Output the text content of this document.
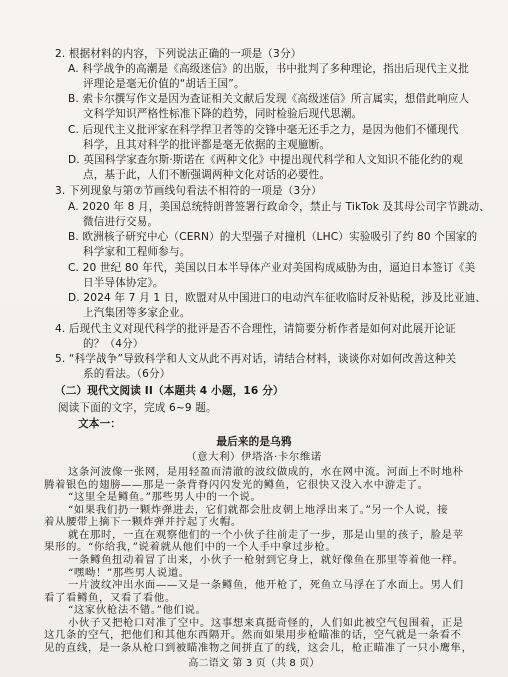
2. 根据材料的内容，下列说法正确的一项是（3分）
A. 科学战争的高潮是《高级迷信》的出版，书中批判了多种理论，指出后现代主义批
评理论是毫无价值的“胡话王国”。
B. 索卡尔撰写作文是因为查证相关文献后发现《高级迷信》所言属实，想借此响应人
文科学知识严格性标准下降的趋势，同时检验后现代思潮。
C. 后现代主义批评家在科学捍卫者等的交锋中毫无还手之力，是因为他们不懂现代
科学，且其对科学的批评都是毫无依据的主观臆断。
D. 英国科学家查尔斯·斯诺在《两种文化》中提出现代科学和人文知识不能化约的观
点，基于此，人们不断强调两种文化对话的必要性。
3. 下列现象与第⑦节画线句看法不相符的一项是（3分）
A. 2020 年 8 月，美国总统特朗普签署行政命令，禁止与 TikTok 及其母公司字节跳动、
微信进行交易。
B. 欧洲核子研究中心（CERN）的大型强子对撞机（LHC）实验吸引了约 80 个国家的
科学家和工程师参与。
C. 20 世纪 80 年代，美国以日本半导体产业对美国构成威胁为由，逼迫日本签订《美
日半导体协定》。
D. 2024 年 7 月 1 日，欧盟对从中国进口的电动汽车征收临时反补贴税，涉及比亚迪、
上汽集团等多家企业。
4. 后现代主义对现代科学的批评是否不合理性，请简要分析作者是如何对此展开论证
的？（4分）
5. “科学战争”导致科学和人文从此不再对话，请结合材料，谈谈你对如何改善这种关
系的看法。（6分）
（二）现代文阅读 II（本题共 4 小题，16 分）
阅读下面的文字，完成 6~9 题。
文本一：
最后来的是乌鸦
（意大利）伊塔洛·卡尔维诺
这条河波像一张网，是用轻盈而清澈的波纹做成的，水在网中流。河面上不时地朴
腾着银色的翅膀——那是一条背脊闪闪发光的鳟鱼，它很快又没入水中游走了。
“这里全是鳟鱼。”那些男人中的一个说。
“如果我们扔一颗炸弹进去，它们就都会肚皮朝上地浮出来了。”另一个人说，接
着从腰带上摘下一颗炸弹并拧起了火帽。
就在那时，一直在观察他们的一个小伙子往前走了一步，那是山里的孩子，脸是苹
果形的。“你给我，”说着就从他们中的一个人手中拿过步枪。
一条鳟鱼扭动着冒了出来，小伙子一枪射到它身上，就好像鱼在那里等着他一样。
“嘿呦！”那些男人说道。
一片波纹冲出水面——又是一条鳟鱼，他开枪了，死鱼立马浮在了水面上。男人们
看了看鳟鱼，又看了看他。
“这家伙枪法不错。”他们说。
小伙子又把枪口对准了空中。这事想来真挺奇怪的，人们如此被空气包围着，正是
这几条的空气，把他们和其他东西隔开。然而如果用步枪瞄准的话，空气就是一条看不
见的直线，是一条从枪口到被瞄准物之间拼直了的线，这会儿，枪正瞄准了一只小鹰隼，
高二语文 第 3 页（共 8 页）
